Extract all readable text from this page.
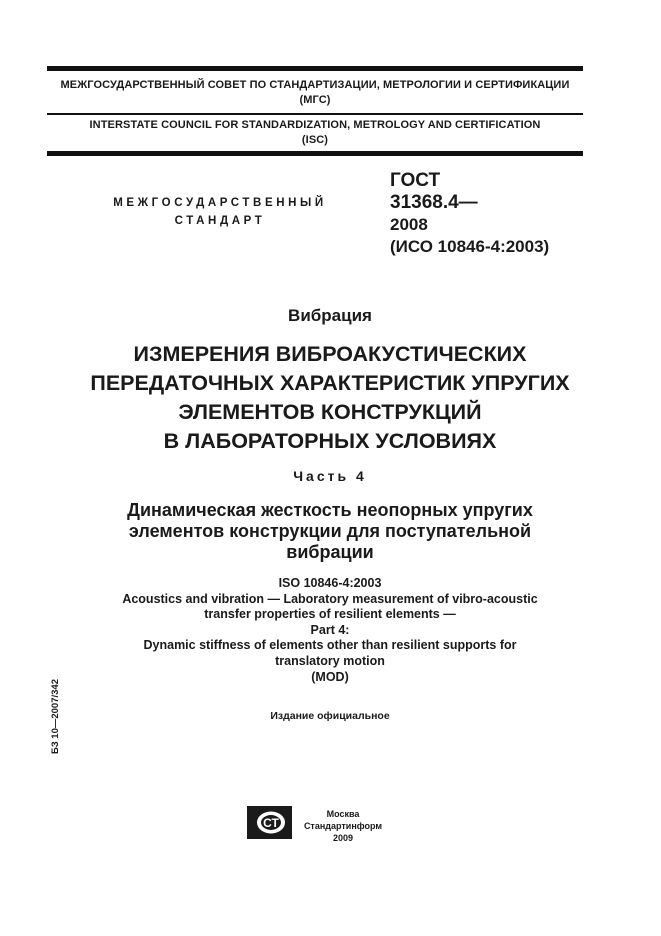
МЕЖГОСУДАРСТВЕННЫЙ СОВЕТ ПО СТАНДАРТИЗАЦИИ, МЕТРОЛОГИИ И СЕРТИФИКАЦИИ
(МГС)
INTERSTATE COUNCIL FOR STANDARDIZATION, METROLOGY AND CERTIFICATION
(ISC)
МЕЖГОСУДАРСТВЕННЫЙ
СТАНДАРТ
ГОСТ
31368.4—
2008
(ИСО 10846-4:2003)
Вибрация
ИЗМЕРЕНИЯ ВИБРОАКУСТИЧЕСКИХ
ПЕРЕДАТОЧНЫХ ХАРАКТЕРИСТИК УПРУГИХ
ЭЛЕМЕНТОВ КОНСТРУКЦИЙ
В ЛАБОРАТОРНЫХ УСЛОВИЯХ
Часть 4
Динамическая жесткость неопорных упругих
элементов конструкции для поступательной
вибрации
ISO 10846-4:2003
Acoustics and vibration — Laboratory measurement of vibro-acoustic
transfer properties of resilient elements —
Part 4:
Dynamic stiffness of elements other than resilient supports for
translatory motion
(MOD)
Издание официальное
БЗ 10—2007/342
СТ
Москва
Стандартинформ
2009
